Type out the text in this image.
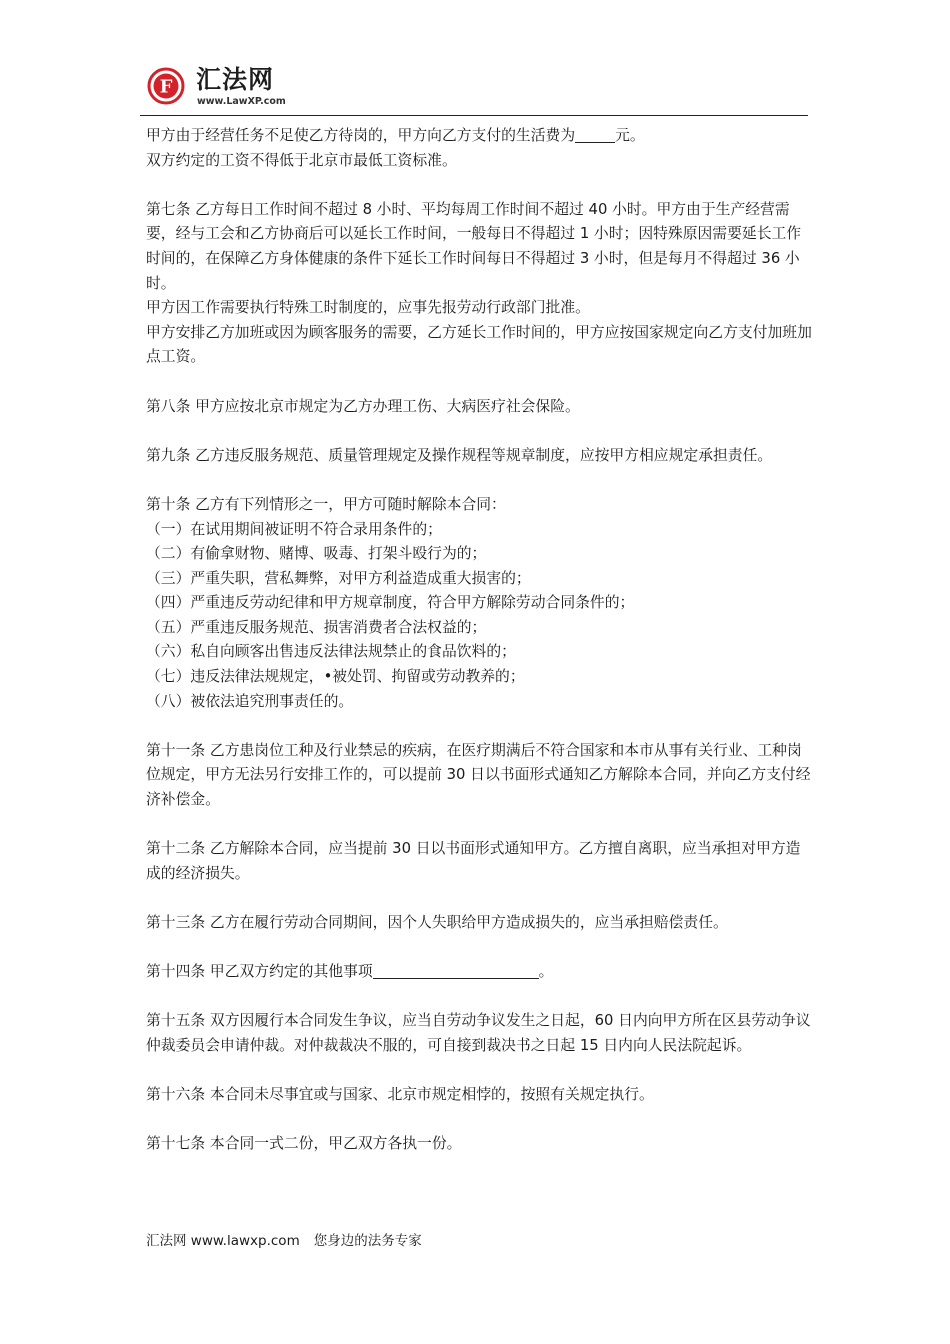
F 汇法网
www.LawXP.com

甲方由于经营任务不足使乙方待岗的，甲方向乙方支付的生活费为	元。

双方约定的工资不得低于北京市最低工资标准。

第七条 乙方每日工作时间不超过 8 小时、平均每周工作时间不超过 40 小时。甲方由于生产经营需要，经与工会和乙方协商后可以延长工作时间，一般每日不得超过 1 小时；因特殊原因需要延长工作时间的，在保障乙方身体健康的条件下延长工作时间每日不得超过 3 小时，但是每月不得超过 36 小时。

甲方因工作需要执行特殊工时制度的，应事先报劳动行政部门批准。

甲方安排乙方加班或因为顾客服务的需要，乙方延长工作时间的，甲方应按国家规定向乙方支付加班加点工资。

第八条 甲方应按北京市规定为乙方办理工伤、大病医疗社会保险。

第九条 乙方违反服务规范、质量管理规定及操作规程等规章制度，应按甲方相应规定承担责任。

第十条 乙方有下列情形之一，甲方可随时解除本合同：

（一）在试用期间被证明不符合录用条件的；

（二）有偷拿财物、赌博、吸毒、打架斗殴行为的；

（三）严重失职，营私舞弊，对甲方利益造成重大损害的；

（四）严重违反劳动纪律和甲方规章制度，符合甲方解除劳动合同条件的；

（五）严重违反服务规范、损害消费者合法权益的；

（六）私自向顾客出售违反法律法规禁止的食品饮料的；

（七）违反法律法规规定，•被处罚、拘留或劳动教养的；

（八）被依法追究刑事责任的。

第十一条 乙方患岗位工种及行业禁忌的疾病，在医疗期满后不符合国家和本市从事有关行业、工种岗位规定，甲方无法另行安排工作的，可以提前 30 日以书面形式通知乙方解除本合同，并向乙方支付经济补偿金。

第十二条 乙方解除本合同，应当提前 30 日以书面形式通知甲方。乙方擅自离职，应当承担对甲方造成的经济损失。

第十三条 乙方在履行劳动合同期间，因个人失职给甲方造成损失的，应当承担赔偿责任。

第十四条 甲乙双方约定的其他事项	。

第十五条 双方因履行本合同发生争议，应当自劳动争议发生之日起，60 日内向甲方所在区县劳动争议仲裁委员会申请仲裁。对仲裁裁决不服的，可自接到裁决书之日起 15 日内向人民法院起诉。

第十六条 本合同未尽事宜或与国家、北京市规定相悖的，按照有关规定执行。

第十七条 本合同一式二份，甲乙双方各执一份。

汇法网 www.lawxp.com 您身边的法务专家
